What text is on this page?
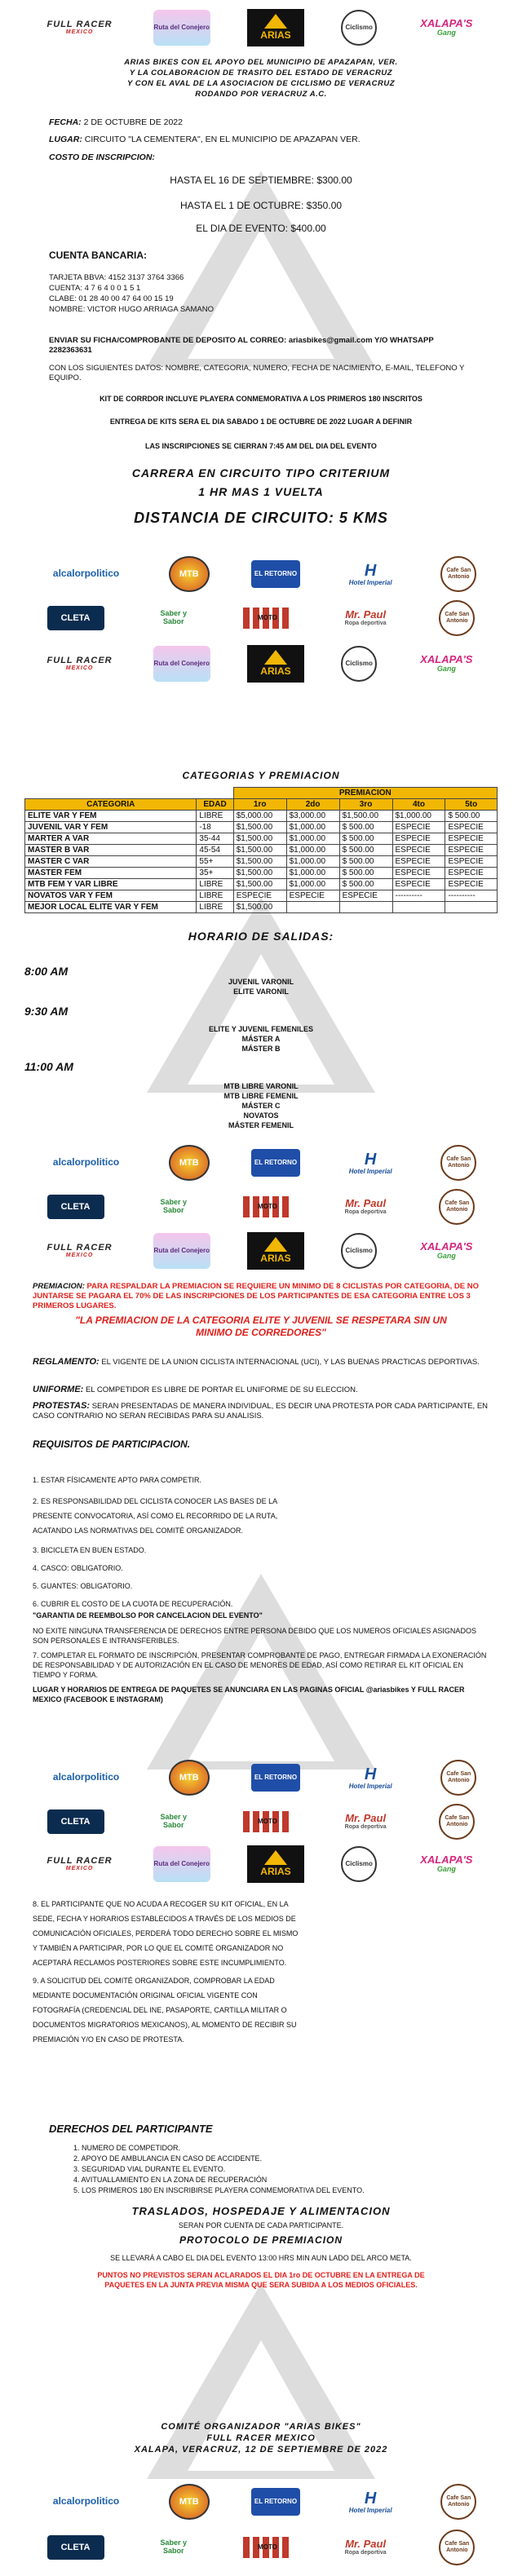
FULL RACER
MEXICO
Ruta del Conejero
ARIAS
Ciclismo	XALAPA'S
Gang
ARIAS BIKES CON EL APOYO DEL MUNICIPIO DE APAZAPAN, VER.
Y LA COLABORACION DE TRASITO DEL ESTADO DE VERACRUZ
Y CON EL AVAL DE LA ASOCIACION DE CICLISMO DE VERACRUZ
RODANDO POR VERACRUZ A.C.
FECHA: 2 DE OCTUBRE DE 2022
LUGAR: CIRCUITO "LA CEMENTERA", EN EL MUNICIPIO DE APAZAPAN VER.
COSTO DE INSCRIPCION:
HASTA EL 16 DE SEPTIEMBRE: $300.00
HASTA EL 1 DE OCTUBRE: $350.00
EL DIA DE EVENTO: $400.00
CUENTA BANCARIA:
TARJETA BBVA: 4152 3137 3764 3366
CUENTA: 4 7 6 4 0 0 1 5 1
CLABE: 01 28 40 00 47 64 00 15 19
NOMBRE: VICTOR HUGO ARRIAGA SAMANO
ENVIAR SU FICHA/COMPROBANTE DE DEPOSITO AL CORREO: ariasbikes@gmail.com Y/O WHATSAPP 2282363631
CON LOS SIGUIENTES DATOS: NOMBRE, CATEGORIA, NUMERO, FECHA DE NACIMIENTO, E-MAIL, TELEFONO Y EQUIPO.
KIT DE CORRDOR INCLUYE PLAYERA CONMEMORATIVA A LOS PRIMEROS 180 INSCRITOS
ENTREGA DE KITS SERA EL DIA SABADO 1 DE OCTUBRE DE 2022 LUGAR A DEFINIR
LAS INSCRIPCIONES SE CIERRAN 7:45 AM DEL DIA DEL EVENTO
CARRERA EN CIRCUITO TIPO CRITERIUM
1 HR MAS 1 VUELTA
DISTANCIA DE CIRCUITO: 5 KMS
alcalorpolitico	MTB	EL RETORNO	H
Hotel Imperial
Cafe San Antonio
CLETA	Saber y Sabor	MOTO	Mr. Paul
Ropa deportiva
Cafe San Antonio
FULL RACER
MEXICO
Ruta del Conejero
ARIAS
Ciclismo	XALAPA'S
Gang
CATEGORIAS Y PREMIACION
		PREMIACION				
CATEGORIA	EDAD	1ro	2do	3ro	4to	5to
ELITE VAR Y FEM	LIBRE	$5,000.00	$3,000.00	$1,500.00	$1,000.00	$ 500.00
JUVENIL VAR Y FEM	-18	$1,500.00	$1,000.00	$ 500.00	ESPECIE	ESPECIE
MARTER A VAR	35-44	$1,500.00	$1,000.00	$ 500.00	ESPECIE	ESPECIE
MASTER B VAR	45-54	$1,500.00	$1,000.00	$ 500.00	ESPECIE	ESPECIE
MASTER C VAR	55+	$1,500.00	$1,000.00	$ 500.00	ESPECIE	ESPECIE
MASTER FEM	35+	$1,500.00	$1,000.00	$ 500.00	ESPECIE	ESPECIE
MTB FEM Y VAR LIBRE	LIBRE	$1,500.00	$1,000.00	$ 500.00	ESPECIE	ESPECIE
NOVATOS VAR Y FEM	LIBRE	ESPECIE	ESPECIE	ESPECIE	----------	----------
MEJOR LOCAL ELITE VAR Y FEM	LIBRE	$1,500.00				
HORARIO DE SALIDAS:
8:00 AM
JUVENIL VARONIL
ELITE VARONIL
9:30 AM
ELITE Y JUVENIL FEMENILES
MÁSTER A
MÁSTER B
11:00 AM
MTB LIBRE VARONIL
MTB LIBRE FEMENIL
MÁSTER C
NOVATOS
MÁSTER FEMENIL
alcalorpolitico	MTB	EL RETORNO	H
Hotel Imperial
Cafe San Antonio
CLETA	Saber y Sabor	MOTO	Mr. Paul
Ropa deportiva
Cafe San Antonio
FULL RACER
MEXICO
Ruta del Conejero
ARIAS
Ciclismo	XALAPA'S
Gang
PREMIACION: PARA RESPALDAR LA PREMIACION SE REQUIERE UN MINIMO DE 8 CICLISTAS POR CATEGORIA, DE NO JUNTARSE SE PAGARA EL 70% DE LAS INSCRIPCIONES DE LOS PARTICIPANTES DE ESA CATEGORIA ENTRE LOS 3 PRIMEROS LUGARES.
"LA PREMIACION DE LA CATEGORIA ELITE Y JUVENIL SE RESPETARA SIN UN MINIMO DE CORREDORES"
REGLAMENTO: EL VIGENTE DE LA UNION CICLISTA INTERNACIONAL (UCI), Y LAS BUENAS PRACTICAS DEPORTIVAS.
UNIFORME: EL COMPETIDOR ES LIBRE DE PORTAR EL UNIFORME DE SU ELECCION.
PROTESTAS: SERAN PRESENTADAS DE MANERA INDIVIDUAL, ES DECIR UNA PROTESTA POR CADA PARTICIPANTE, EN CASO CONTRARIO NO SERAN RECIBIDAS PARA SU ANALISIS.
REQUISITOS DE PARTICIPACION.
1. ESTAR FÍSICAMENTE APTO PARA COMPETIR.
2. ES RESPONSABILIDAD DEL CICLISTA CONOCER LAS BASES DE LA PRESENTE CONVOCATORIA, ASÍ COMO EL RECORRIDO DE LA RUTA, ACATANDO LAS NORMATIVAS DEL COMITÉ ORGANIZADOR.
3. BICICLETA EN BUEN ESTADO.
4. CASCO: OBLIGATORIO.
5. GUANTES: OBLIGATORIO.
6. CUBRIR EL COSTO DE LA CUOTA DE RECUPERACIÓN.
"GARANTIA DE REEMBOLSO POR CANCELACION DEL EVENTO"
NO EXITE NINGUNA TRANSFERENCIA DE DERECHOS ENTRE PERSONA DEBIDO QUE LOS NUMEROS OFICIALES ASIGNADOS SON PERSONALES E INTRANSFERIBLES.
7. COMPLETAR EL FORMATO DE INSCRIPCIÓN, PRESENTAR COMPROBANTE DE PAGO, ENTREGAR FIRMADA LA EXONERACIÓN DE RESPONSABILIDAD Y DE AUTORIZACIÓN EN EL CASO DE MENORES DE EDAD, ASÍ COMO RETIRAR EL KIT OFICIAL EN TIEMPO Y FORMA.
LUGAR Y HORARIOS DE ENTREGA DE PAQUETES SE ANUNCIARA EN LAS PAGINAS OFICIAL @ariasbikes Y FULL RACER MEXICO (FACEBOOK E INSTAGRAM)
alcalorpolitico	MTB	EL RETORNO	H
Hotel Imperial
Cafe San Antonio
CLETA	Saber y Sabor	MOTO	Mr. Paul
Ropa deportiva
Cafe San Antonio
FULL RACER
MEXICO
Ruta del Conejero
ARIAS
Ciclismo	XALAPA'S
Gang
8. EL PARTICIPANTE QUE NO ACUDA A RECOGER SU KIT OFICIAL, EN LA SEDE, FECHA Y HORARIOS ESTABLECIDOS A TRAVÉS DE LOS MEDIOS DE COMUNICACIÓN OFICIALES, PERDERÁ TODO DERECHO SOBRE EL MISMO Y TAMBIÉN A PARTICIPAR, POR LO QUE EL COMITÉ ORGANIZADOR NO ACEPTARÁ RECLAMOS POSTERIORES SOBRE ESTE INCUMPLIMIENTO.
9. A SOLICITUD DEL COMITÉ ORGANIZADOR, COMPROBAR LA EDAD MEDIANTE DOCUMENTACIÓN ORIGINAL OFICIAL VIGENTE CON FOTOGRAFÍA (CREDENCIAL DEL INE, PASAPORTE, CARTILLA MILITAR O DOCUMENTOS MIGRATORIOS MEXICANOS), AL MOMENTO DE RECIBIR SU PREMIACIÓN Y/O EN CASO DE PROTESTA.
DERECHOS DEL PARTICIPANTE
1. NUMERO DE COMPETIDOR.
2. APOYO DE AMBULANCIA EN CASO DE ACCIDENTE.
3. SEGURIDAD VIAL DURANTE EL EVENTO.
4. AVITUALLAMIENTO EN LA ZONA DE RECUPERACIÓN
5. LOS PRIMEROS 180 EN INSCRIBIRSE PLAYERA CONMEMORATIVA DEL EVENTO.
TRASLADOS, HOSPEDAJE Y ALIMENTACION
SERAN POR CUENTA DE CADA PARTICIPANTE.
PROTOCOLO DE PREMIACION
SE LLEVARÁ A CABO EL DIA DEL EVENTO 13:00 HRS MIN AUN LADO DEL ARCO META.
PUNTOS NO PREVISTOS SERAN ACLARADOS EL DIA 1ro DE OCTUBRE EN LA ENTREGA DE PAQUETES EN LA JUNTA PREVIA MISMA QUE SERA SUBIDA A LOS MEDIOS OFICIALES.
COMITÉ ORGANIZADOR "ARIAS BIKES"
FULL RACER MEXICO
XALAPA, VERACRUZ, 12 DE SEPTIEMBRE DE 2022
alcalorpolitico	MTB	EL RETORNO	H
Hotel Imperial
Cafe San Antonio
CLETA	Saber y Sabor	MOTO	Mr. Paul
Ropa deportiva
Cafe San Antonio
